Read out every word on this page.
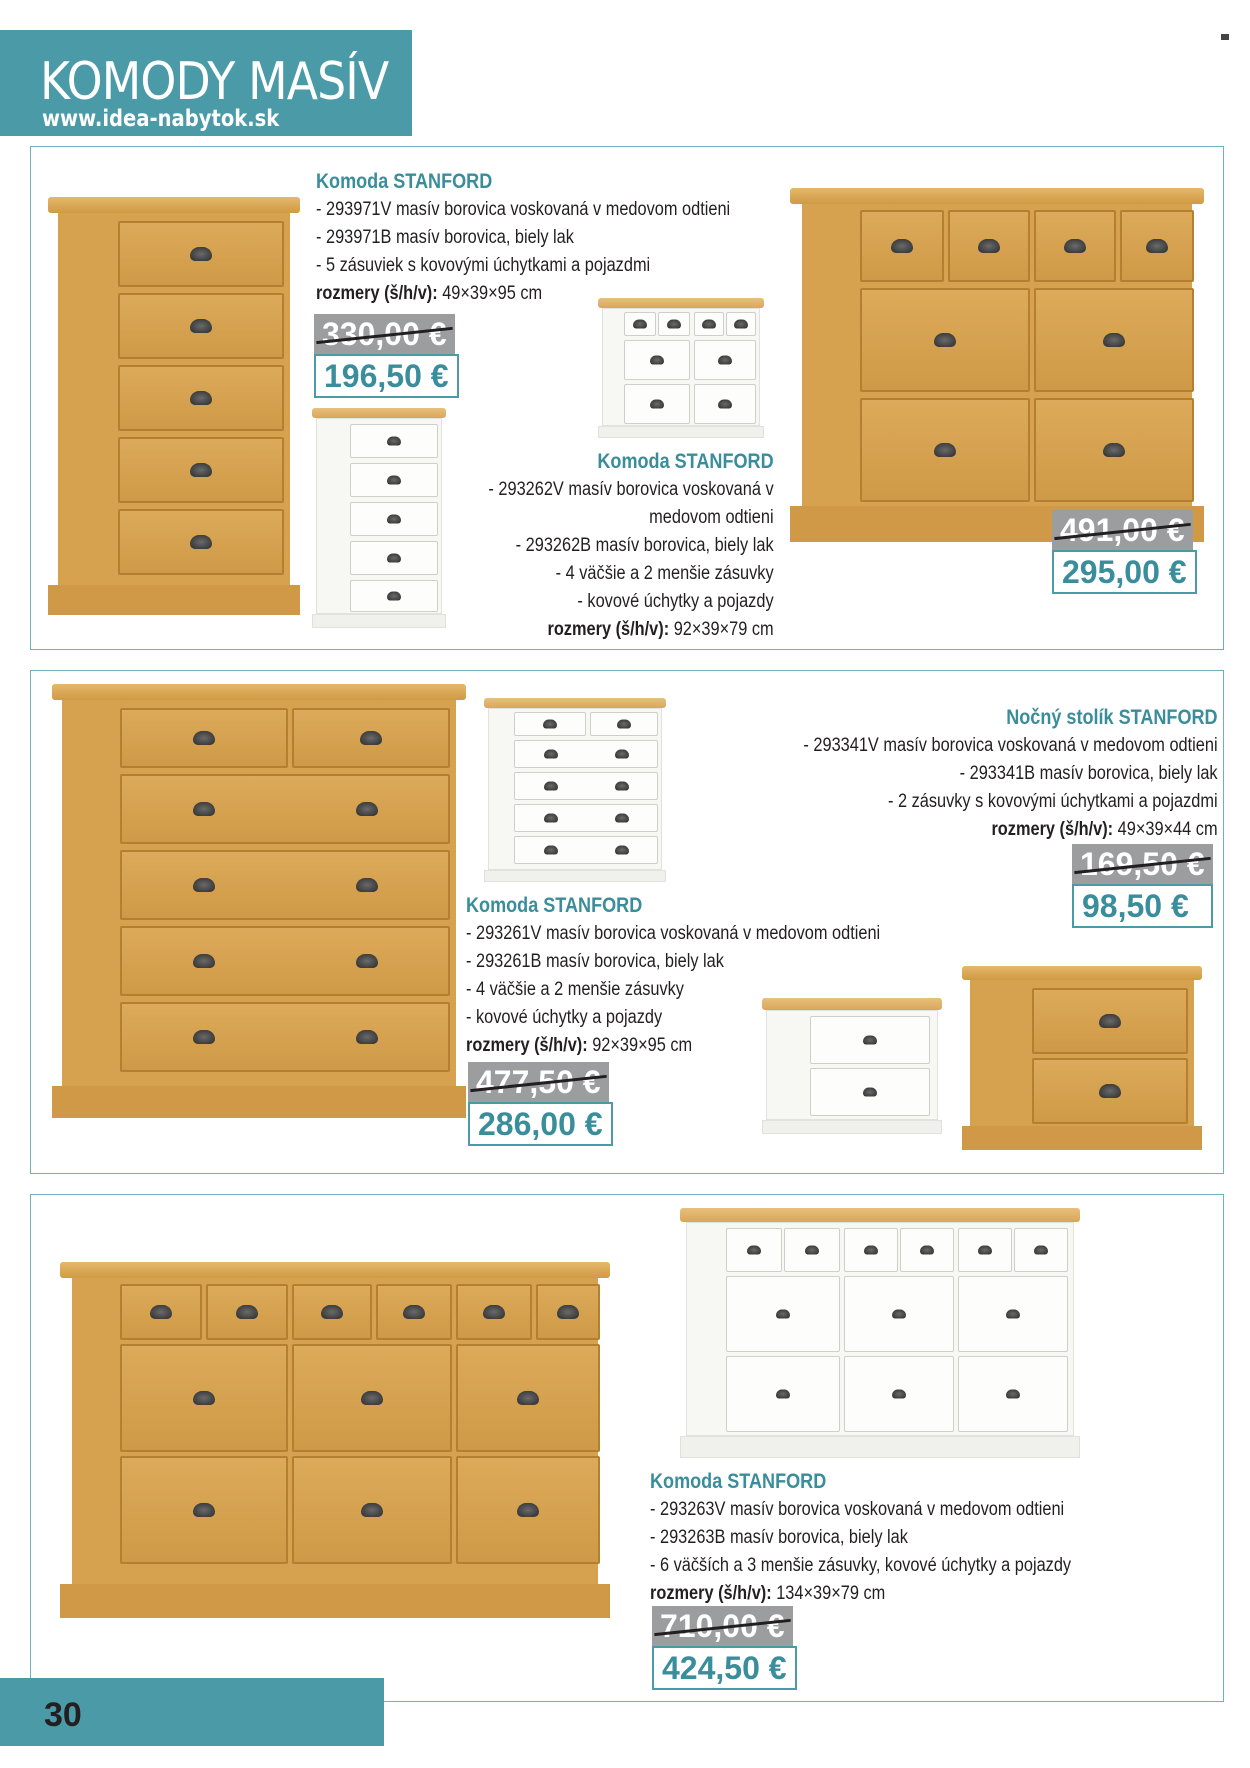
KOMODY MASÍV
www.idea-nabytok.sk
Komoda STANFORD
- 293971V masív borovica voskovaná v medovom odtieni
- 293971B masív borovica, biely lak
- 5 zásuviek s kovovými úchytkami a pojazdmi
rozmery (š/h/v): 49×39×95 cm
330,00 €
196,50 €
Komoda STANFORD
- 293262V masív borovica voskovaná v
medovom odtieni
- 293262B masív borovica, biely lak
- 4 väčšie a 2 menšie zásuvky
- kovové úchytky a pojazdy
rozmery (š/h/v): 92×39×79 cm
491,00 €
295,00 €
Nočný stolík STANFORD
- 293341V masív borovica voskovaná v medovom odtieni
- 293341B masív borovica, biely lak
- 2 zásuvky s kovovými úchytkami a pojazdmi
rozmery (š/h/v): 49×39×44 cm
169,50 €
98,50 €
Komoda STANFORD
- 293261V masív borovica voskovaná v medovom odtieni
- 293261B masív borovica, biely lak
- 4 väčšie a 2 menšie zásuvky
- kovové úchytky a pojazdy
rozmery (š/h/v): 92×39×95 cm
477,50 €
286,00 €
Komoda STANFORD
- 293263V masív borovica voskovaná v medovom odtieni
- 293263B masív borovica, biely lak
- 6 väčších a 3 menšie zásuvky, kovové úchytky a pojazdy
rozmery (š/h/v): 134×39×79 cm
710,00 €
424,50 €
30
